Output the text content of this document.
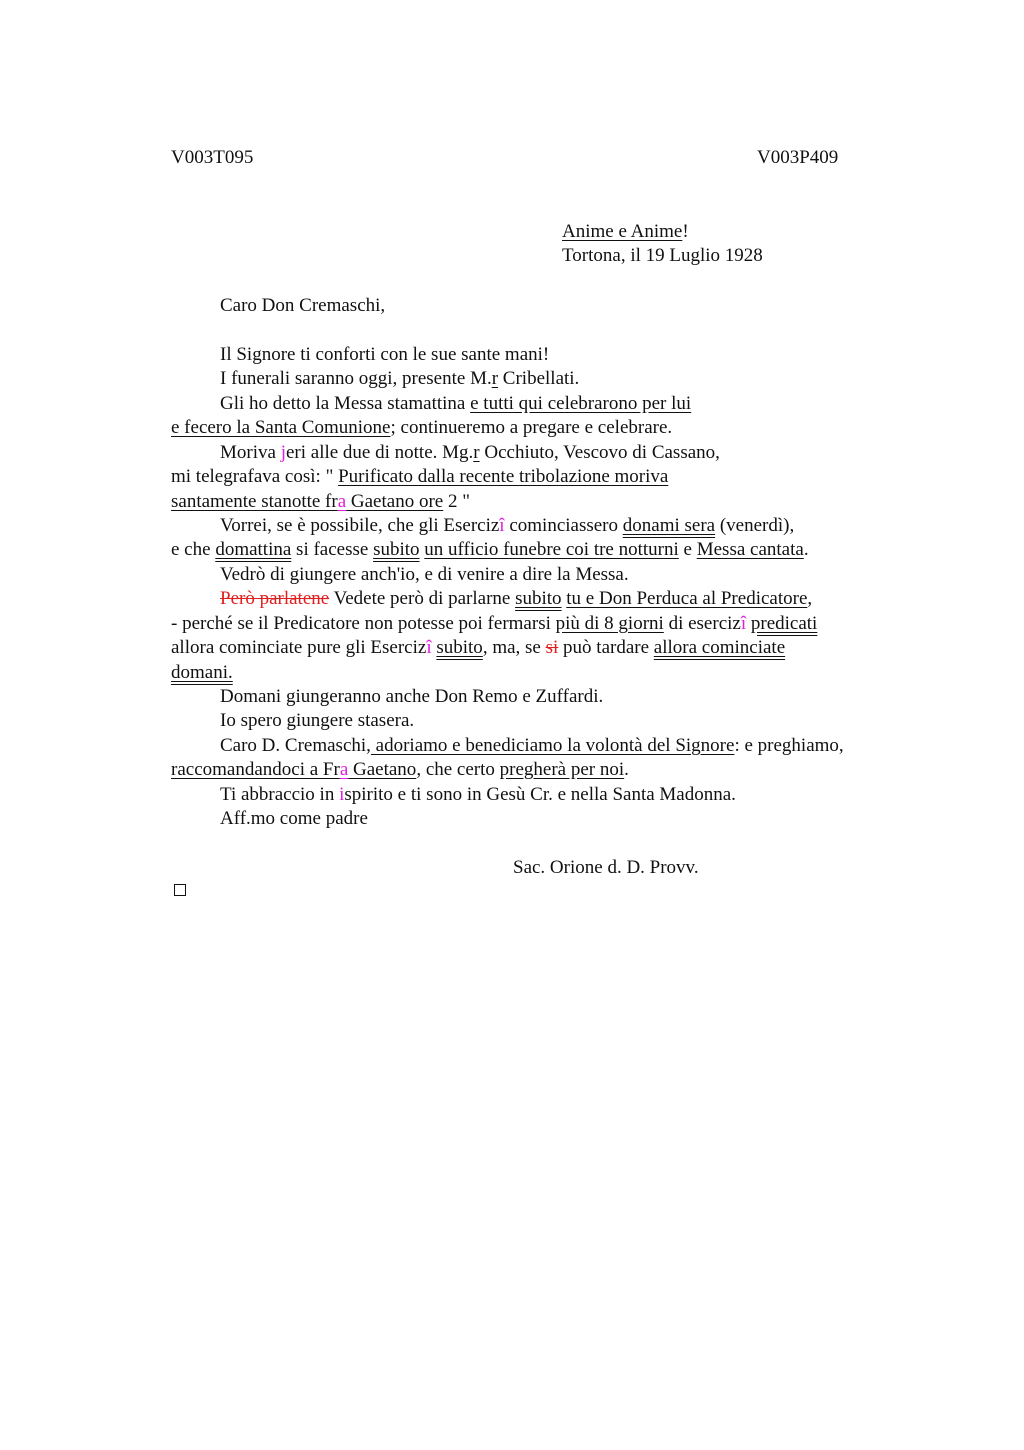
V003T095	V003P409
Anime e Anime!
Tortona, il 19 Luglio 1928
Caro Don Cremaschi,
Il Signore ti conforti con le sue sante mani!
I funerali saranno oggi, presente M.r Cribellati.
Gli ho detto la Messa stamattina e tutti qui celebrarono per lui
e fecero la Santa Comunione; continueremo a pregare e celebrare.
Moriva jeri alle due di notte. Mg.r Occhiuto, Vescovo di Cassano,
mi telegrafava così: " Purificato dalla recente tribolazione moriva
santamente stanotte fra Gaetano ore 2 "
Vorrei, se è possibile, che gli Esercizî cominciassero donami sera (venerdì),
e che domattina si facesse subito un ufficio funebre coi tre notturni e Messa cantata.
Vedrò di giungere anch'io, e di venire a dire la Messa.
Però parlatene Vedete però di parlarne subito tu e Don Perduca al Predicatore,
- perché se il Predicatore non potesse poi fermarsi più di 8 giorni di esercizî predicati
allora cominciate pure gli Esercizî subito, ma, se si può tardare allora cominciate
domani.
Domani giungeranno anche Don Remo e Zuffardi.
Io spero giungere stasera.
Caro D. Cremaschi, adoriamo e benediciamo la volontà del Signore: e preghiamo,
raccomandandoci a Fra Gaetano, che certo pregherà per noi.
Ti abbraccio in ispirito e ti sono in Gesù Cr. e nella Santa Madonna.
Aff.mo come padre
Sac. Orione d. D. Provv.
